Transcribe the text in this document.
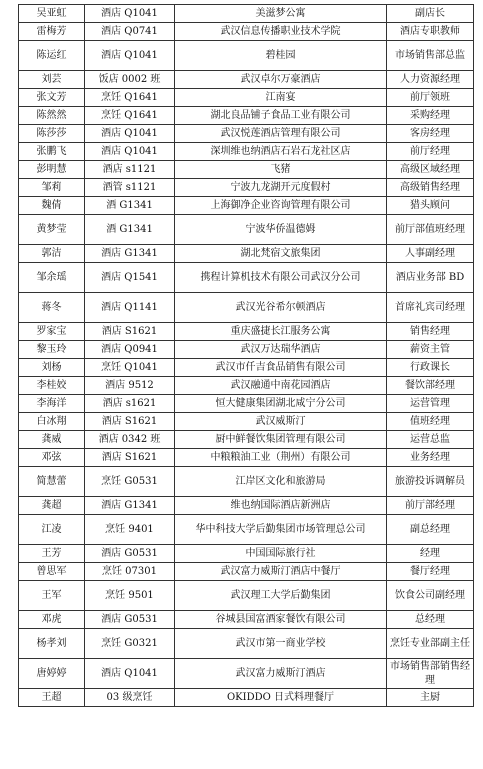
吴亚虹	酒店 Q1041	美滋梦公寓	副店长
雷梅芳	酒店 Q0741	武汉信息传播职业技术学院	酒店专职教师
陈运红	酒店 Q1041	碧桂园	市场销售部总监
刘芸	饭店 0002 班	武汉卓尔万豪酒店	人力资源经理
张文芳	烹饪 Q1641	江南宴	前厅领班
陈然然	烹饪 Q1641	湖北良品铺子食品工业有限公司	采购经理
陈莎莎	酒店 Q1041	武汉悦莲酒店管理有限公司	客房经理
张鹏飞	酒店 Q1041	深圳维也纳酒店石岩石龙社区店	前厅经理
彭明慧	酒店 s1121	飞猪	高级区域经理
邹莉	酒管 s1121	宁波九龙湖开元度假村	高级销售经理
魏倩	酒 G1341	上海御净企业咨询管理有限公司	猎头顾问
黄梦莹	酒 G1341	宁波华侨温德姆	前厅部值班经理
郭洁	酒店 G1341	湖北梵宿文旅集团	人事副经理
邹余瑶	酒店 Q1541	携程计算机技术有限公司武汉分公司	酒店业务部 BD
蒋冬	酒店 Q1141	武汉光谷希尔顿酒店	首席礼宾司经理
罗家宝	酒店 S1621	重庆盛捷长江服务公寓	销售经理
黎玉玲	酒店 Q0941	武汉万达瑞华酒店	薪资主管
刘杨	烹饪 Q1041	武汉市仟吉食品销售有限公司	行政课长
李桂姣	酒店 9512	武汉融通中南花园酒店	餐饮部经理
李海洋	酒店 s1621	恒大健康集团湖北咸宁分公司	运营管理
白冰翔	酒店 S1621	武汉威斯汀	值班经理
龚威	酒店 0342 班	厨中鲜餐饮集团管理有限公司	运营总监
邓弦	酒店 S1621	中粮粮油工业（荆州）有限公司	业务经理
简慧蕾	烹饪 G0531	江岸区文化和旅游局	旅游投诉调解员
龚超	酒店 G1341	维也纳国际酒店新洲店	前厅部经理
江凌	烹饪 9401	华中科技大学后勤集团市场管理总公司	副总经理
王芳	酒店 G0531	中国国际旅行社	经理
曾思军	烹饪 07301	武汉富力威斯汀酒店中餐厅	餐厅经理
王军	烹饪 9501	武汉理工大学后勤集团	饮食公司副经理
邓虎	酒店 G0531	谷城县国富酒家餐饮有限公司	总经理
杨孝刘	烹饪 G0321	武汉市第一商业学校	烹饪专业部副主任
唐婷婷	酒店 Q1041	武汉富力威斯汀酒店	市场销售部销售经理
王超	03 级烹饪	OKIDDO 日式料理餐厅	主厨
